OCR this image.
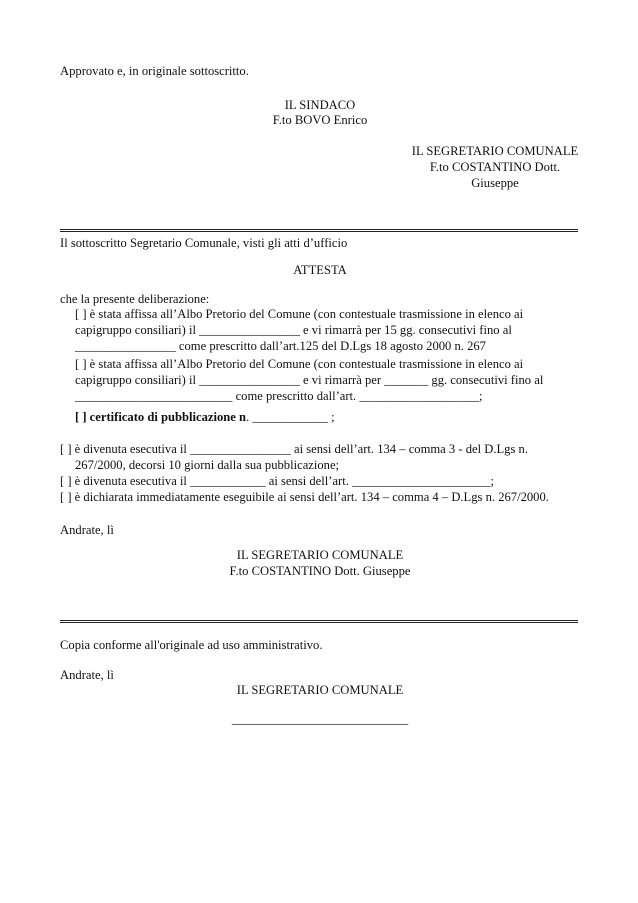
Approvato e, in originale sottoscritto.
IL SINDACO
F.to BOVO Enrico
IL SEGRETARIO COMUNALE
F.to COSTANTINO Dott.
Giuseppe
Il sottoscritto Segretario Comunale, visti gli atti d’ufficio
ATTESTA
che la presente deliberazione:
[ ] è stata affissa all’Albo Pretorio del Comune (con contestuale trasmissione in elenco ai
capigruppo consiliari) il ________________ e vi rimarrà per 15 gg. consecutivi fino al
________________ come prescritto dall’art.125 del D.Lgs 18 agosto 2000 n. 267
[ ] è stata affissa all’Albo Pretorio del Comune (con contestuale trasmissione in elenco ai
capigruppo consiliari) il ________________ e vi rimarrà per _______ gg. consecutivi fino al
_________________________ come prescritto dall’art. ___________________;
[ ] certificato di pubblicazione n. ____________ ;
[ ] è divenuta esecutiva il ________________ ai sensi dell’art. 134 – comma 3 - del D.Lgs n.
267/2000, decorsi 10 giorni dalla sua pubblicazione;
[ ] è divenuta esecutiva il ____________ ai sensi dell’art. ______________________;
[ ] è dichiarata immediatamente eseguibile ai sensi dell’art. 134 – comma 4 – D.Lgs n. 267/2000.
Andrate, lì
IL SEGRETARIO COMUNALE
F.to COSTANTINO Dott. Giuseppe
Copia conforme all'originale ad uso amministrativo.
Andrate, lì
IL SEGRETARIO COMUNALE
____________________________
